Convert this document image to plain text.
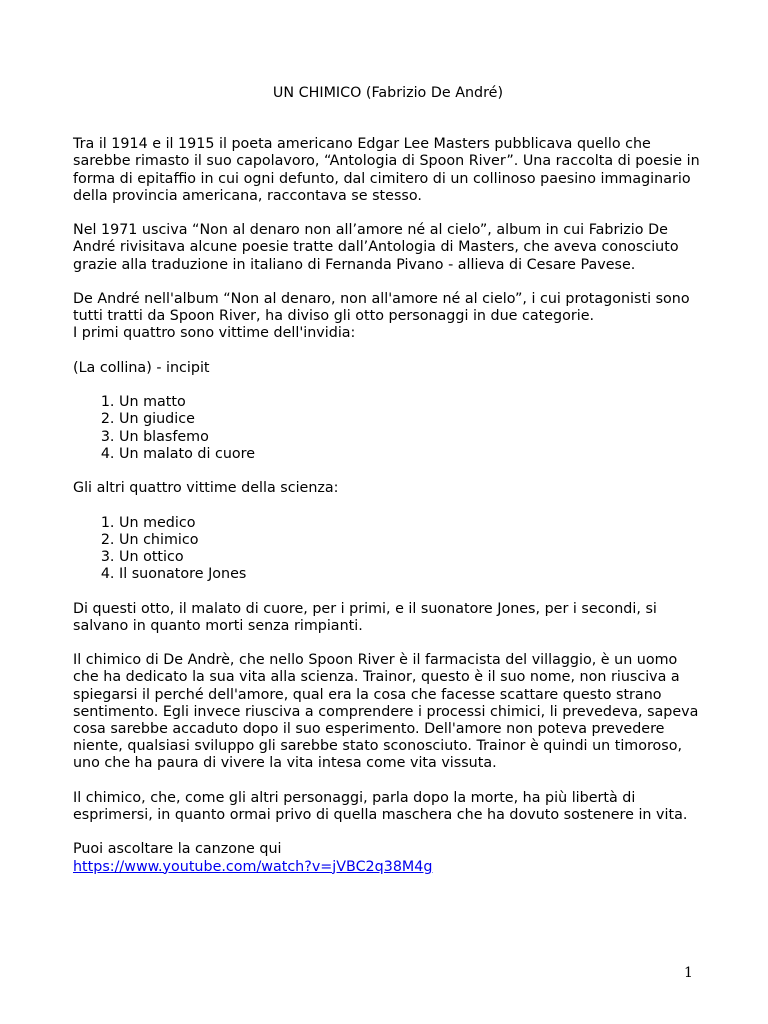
UN CHIMICO (Fabrizio De André)

Tra il 1914 e il 1915 il poeta americano Edgar Lee Masters pubblicava quello che sarebbe rimasto il suo capolavoro, “Antologia di Spoon River”. Una raccolta di poesie in forma di epitaffio in cui ogni defunto, dal cimitero di un collinoso paesino immaginario della provincia americana, raccontava se stesso.

Nel 1971 usciva “Non al denaro non all’amore né al cielo”, album in cui Fabrizio De André rivisitava alcune poesie tratte dall’Antologia di Masters, che aveva conosciuto grazie alla traduzione in italiano di Fernanda Pivano - allieva di Cesare Pavese.

De André nell'album “Non al denaro, non all'amore né al cielo”, i cui protagonisti sono tutti tratti da Spoon River, ha diviso gli otto personaggi in due categorie.

I primi quattro sono vittime dell'invidia:

(La collina) - incipit

1. Un matto
2. Un giudice
3. Un blasfemo
4. Un malato di cuore

Gli altri quattro vittime della scienza:

1. Un medico
2. Un chimico
3. Un ottico
4. Il suonatore Jones

Di questi otto, il malato di cuore, per i primi, e il suonatore Jones, per i secondi, si salvano in quanto morti senza rimpianti.

Il chimico di De Andrè, che nello Spoon River è il farmacista del villaggio, è un uomo che ha dedicato la sua vita alla scienza. Trainor, questo è il suo nome, non riusciva a spiegarsi il perché dell'amore, qual era la cosa che facesse scattare questo strano sentimento. Egli invece riusciva a comprendere i processi chimici, li prevedeva, sapeva cosa sarebbe accaduto dopo il suo esperimento. Dell'amore non poteva prevedere niente, qualsiasi sviluppo gli sarebbe stato sconosciuto. Trainor è quindi un timoroso, uno che ha paura di vivere la vita intesa come vita vissuta.

Il chimico, che, come gli altri personaggi, parla dopo la morte, ha più libertà di esprimersi, in quanto ormai privo di quella maschera che ha dovuto sostenere in vita.

Puoi ascoltare la canzone qui

https://www.youtube.com/watch?v=jVBC2q38M4g
1
